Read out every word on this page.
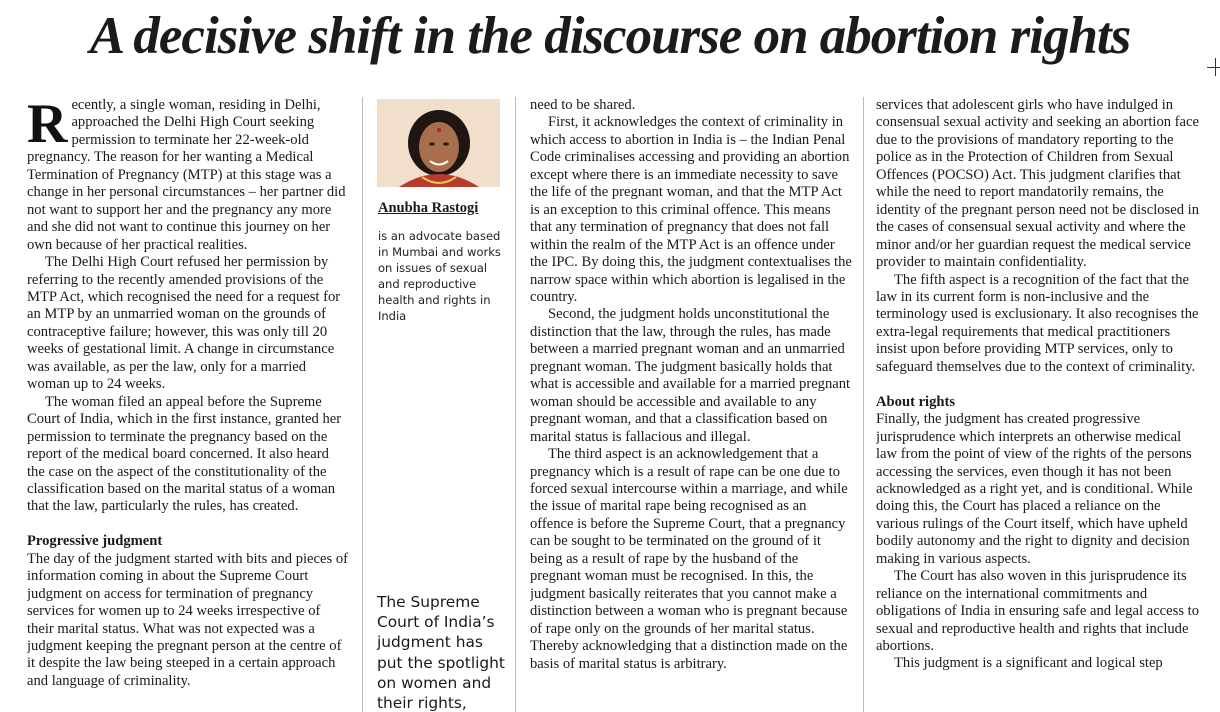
A decisive shift in the discourse on abortion rights

Recently, a single woman, residing in Delhi, approached the Delhi High Court seeking permission to terminate her 22-week-old pregnancy. The reason for her wanting a Medical Termination of Pregnancy (MTP) at this stage was a change in her personal circumstances – her partner did not want to support her and the pregnancy any more and she did not want to continue this journey on her own because of her practical realities.

The Delhi High Court refused her permission by referring to the recently amended provisions of the MTP Act, which recognised the need for a request for an MTP by an unmarried woman on the grounds of contraceptive failure; however, this was only till 20 weeks of gestational limit. A change in circumstance was available, as per the law, only for a married woman up to 24 weeks.

The woman filed an appeal before the Supreme Court of India, which in the first instance, granted her permission to terminate the pregnancy based on the report of the medical board concerned. It also heard the case on the aspect of the constitutionality of the classification based on the marital status of a woman that the law, particularly the rules, has created.

Progressive judgment

The day of the judgment started with bits and pieces of information coming in about the Supreme Court judgment on access for termination of pregnancy services for women up to 24 weeks irrespective of their marital status. What was not expected was a judgment keeping the pregnant person at the centre of it despite the law being steeped in a certain approach and language of criminality.

Anubha Rastogi
is an advocate based in Mumbai and works on issues of sexual and reproductive health and rights in India
The Supreme Court of India’s judgment has put the spotlight on women and their rights,

need to be shared.

First, it acknowledges the context of criminality in which access to abortion in India is – the Indian Penal Code criminalises accessing and providing an abortion except where there is an immediate necessity to save the life of the pregnant woman, and that the MTP Act is an exception to this criminal offence. This means that any termination of pregnancy that does not fall within the realm of the MTP Act is an offence under the IPC. By doing this, the judgment contextualises the narrow space within which abortion is legalised in the country.

Second, the judgment holds unconstitutional the distinction that the law, through the rules, has made between a married pregnant woman and an unmarried pregnant woman. The judgment basically holds that what is accessible and available for a married pregnant woman should be accessible and available to any pregnant woman, and that a classification based on marital status is fallacious and illegal.

The third aspect is an acknowledgement that a pregnancy which is a result of rape can be one due to forced sexual intercourse within a marriage, and while the issue of marital rape being recognised as an offence is before the Supreme Court, that a pregnancy can be sought to be terminated on the ground of it being as a result of rape by the husband of the pregnant woman must be recognised. In this, the judgment basically reiterates that you cannot make a distinction between a woman who is pregnant because of rape only on the grounds of her marital status. Thereby acknowledging that a distinction made on the basis of marital status is arbitrary.

services that adolescent girls who have indulged in consensual sexual activity and seeking an abortion face due to the provisions of mandatory reporting to the police as in the Protection of Children from Sexual Offences (POCSO) Act. This judgment clarifies that while the need to report mandatorily remains, the identity of the pregnant person need not be disclosed in the cases of consensual sexual activity and where the minor and/or her guardian request the medical service provider to maintain confidentiality.

The fifth aspect is a recognition of the fact that the law in its current form is non-inclusive and the terminology used is exclusionary. It also recognises the extra-legal requirements that medical practitioners insist upon before providing MTP services, only to safeguard themselves due to the context of criminality.

About rights

Finally, the judgment has created progressive jurisprudence which interprets an otherwise medical law from the point of view of the rights of the persons accessing the services, even though it has not been acknowledged as a right yet, and is conditional. While doing this, the Court has placed a reliance on the various rulings of the Court itself, which have upheld bodily autonomy and the right to dignity and decision making in various aspects.

The Court has also woven in this jurisprudence its reliance on the international commitments and obligations of India in ensuring safe and legal access to sexual and reproductive health and rights that include abortions.

This judgment is a significant and logical step
